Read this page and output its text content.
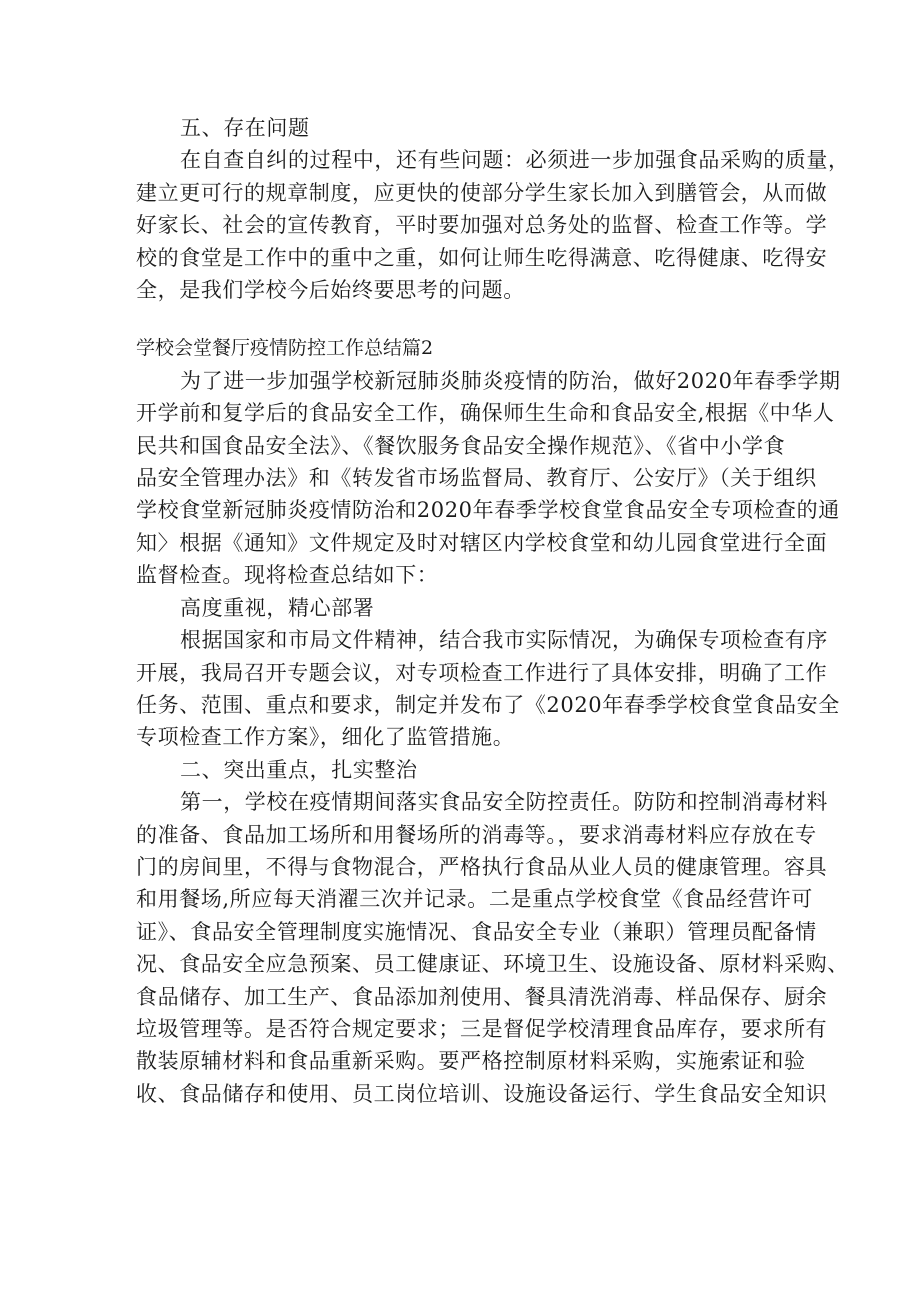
五、存在问题
在自查自纠的过程中，还有些问题：必须进一步加强食品采购的质量，
建立更可行的规章制度，应更快的使部分学生家长加入到膳管会，从而做
好家长、社会的宣传教育，平时要加强对总务处的监督、检查工作等。学
校的食堂是工作中的重中之重，如何让师生吃得满意、吃得健康、吃得安
全，是我们学校今后始终要思考的问题。
学校会堂餐厅疫情防控工作总结篇2
为了进一步加强学校新冠肺炎肺炎疫情的防治，做好2020年春季学期
开学前和复学后的食品安全工作，确保师生生命和食品安全,根据《中华人
民共和国食品安全法》、《餐饮服务食品安全操作规范》、《省中小学食
品安全管理办法》和《转发省市场监督局、教育厅、公安厅》（关于组织
学校食堂新冠肺炎疫情防治和2020年春季学校食堂食品安全专项检查的通
知〉根据《通知》文件规定及时对辖区内学校食堂和幼儿园食堂进行全面
监督检查。现将检查总结如下：
高度重视，精心部署
根据国家和市局文件精神，结合我市实际情况，为确保专项检查有序
开展，我局召开专题会议，对专项检查工作进行了具体安排，明确了工作
任务、范围、重点和要求，制定并发布了《2020年春季学校食堂食品安全
专项检查工作方案》，细化了监管措施。
二、突出重点，扎实整治
第一，学校在疫情期间落实食品安全防控责任。防防和控制消毒材料
的准备、食品加工场所和用餐场所的消毒等。，要求消毒材料应存放在专
门的房间里，不得与食物混合，严格执行食品从业人员的健康管理。容具
和用餐场,所应每天消濯三次并记录。二是重点学校食堂《食品经营许可
证》、食品安全管理制度实施情况、食品安全专业（兼职）管理员配备情
况、食品安全应急预案、员工健康证、环境卫生、设施设备、原材料采购、
食品储存、加工生产、食品添加剂使用、餐具清洗消毒、样品保存、厨余
垃圾管理等。是否符合规定要求；三是督促学校清理食品库存，要求所有
散装原辅材料和食品重新采购。要严格控制原材料采购，实施索证和验
收、食品储存和使用、员工岗位培训、设施设备运行、学生食品安全知识
